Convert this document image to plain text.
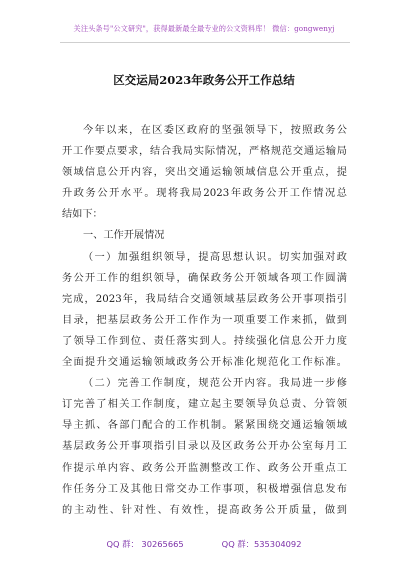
关注头条号"公文研究"，获得最新最全最专业的公文资料库！ 微信：gongwenyj
区交运局2023年政务公开工作总结
今年以来，在区委区政府的坚强领导下，按照政务公
开工作要点要求，结合我局实际情况，严格规范交通运输局
领域信息公开内容，突出交通运输领域信息公开重点，提
升政务公开水平。现将我局2023年政务公开工作情况总
结如下：
一、工作开展情况
（一）加强组织领导，提高思想认识。切实加强对政
务公开工作的组织领导，确保政务公开领域各项工作圆满
完成，2023年，我局结合交通领域基层政务公开事项指引
目录，把基层政务公开工作作为一项重要工作来抓，做到
了领导工作到位、责任落实到人。持续强化信息公开力度
全面提升交通运输领域政务公开标准化规范化工作标准。
（二）完善工作制度，规范公开内容。我局进一步修
订完善了相关工作制度，建立起主要领导负总责、分管领
导主抓、各部门配合的工作机制。紧紧围绕交通运输领域
基层政务公开事项指引目录以及区政务公开办公室每月工
作提示单内容、政务公开监测整改工作、政务公开重点工
作任务分工及其他日常交办工作事项，积极增强信息发布
的主动性、针对性、有效性，提高政务公开质量，做到
QQ 群： 30265665	QQ 群：535304092
